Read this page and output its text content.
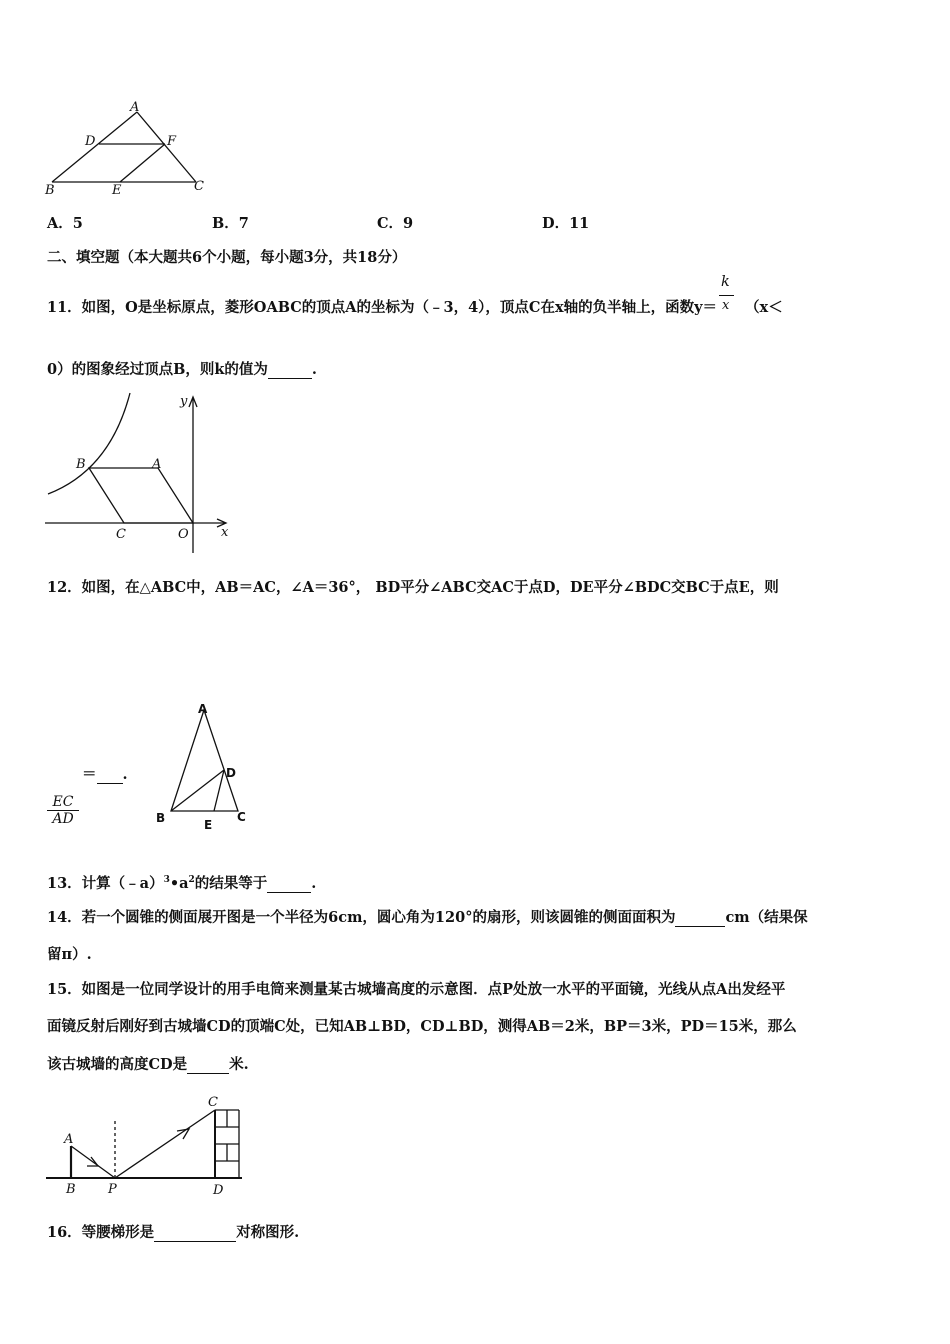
A
D	F
B	E	C
A．5	B．7	C．9	D．11
二、填空题（本大题共6个小题，每小题3分，共18分）
11．如图，O是坐标原点，菱形OABC的顶点A的坐标为（﹣3，4），顶点C在x轴的负半轴上，函数$y= \frac{k}{x} (x<$
0）的图象经过顶点B，则k的值为	.
y
x
B	A
C	O
12．如图，在△ABC中，AB＝AC，∠A＝36°， BD平分∠ABC交AC于点D，DE平分∠BDC交BC于点E，则
＝ .
EC
AD
A
D
B	E
C
13．计算$(﹣a)^3•a^2$的结果等于	.
14．若一个圆锥的侧面展开图是一个半径为6cm，圆心角为120°的扇形，则该圆锥的侧面面积为	cm（结果保
留π）.
15．如图是一位同学设计的用手电筒来测量某古城墙高度的示意图．点P处放一水平的平面镜，光线从点A出发经平
面镜反射后刚好到古城墙CD的顶端C处，已知AB⊥BD，CD⊥BD，测得AB＝2米，BP＝3米，PD＝15米，那么
该古城墙的高度CD是	米.
A
B P
C
D
16．等腰梯形是	对称图形.
